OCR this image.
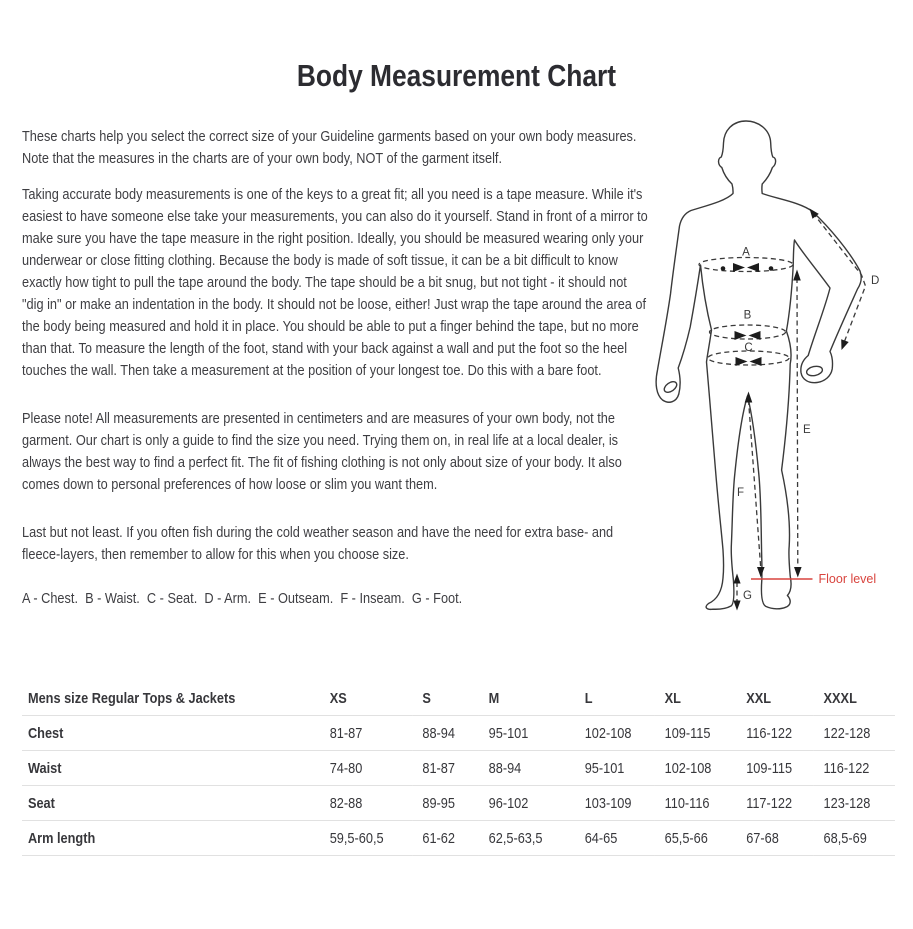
Body Measurement Chart

These charts help you select the correct size of your Guideline garments based on your own body measures. Note that the measures in the charts are of your own body, NOT of the garment itself.

Taking accurate body measurements is one of the keys to a great fit; all you need is a tape measure. While it's easiest to have someone else take your measurements, you can also do it yourself. Stand in front of a mirror to make sure you have the tape measure in the right position. Ideally, you should be measured wearing only your underwear or close fitting clothing. Because the body is made of soft tissue, it can be a bit difficult to know exactly how tight to pull the tape around the body. The tape should be a bit snug, but not tight - it should not "dig in" or make an indentation in the body. It should not be loose, either! Just wrap the tape around the area of the body being measured and hold it in place. You should be able to put a finger behind the tape, but no more than that. To measure the length of the foot, stand with your back against a wall and put the foot so the heel touches the wall. Then take a measurement at the position of your longest toe. Do this with a bare foot.

Please note! All measurements are presented in centimeters and are measures of your own body, not the garment. Our chart is only a guide to find the size you need. Trying them on, in real life at a local dealer, is always the best way to find a perfect fit. The fit of fishing clothing is not only about size of your body. It also comes down to personal preferences of how loose or slim you want them.

Last but not least. If you often fish during the cold weather season and have the need for extra base- and fleece-layers, then remember to allow for this when you choose size.

A - Chest.  B - Waist.  C - Seat.  D - Arm.  E - Outseam.  F - Inseam.  G - Foot.

Floor level
A
B
C
D
E
F
G
Mens size Regular Tops & Jackets	XS	S	M	L	XL	XXL	XXXL
Chest	81-87	88-94	95-101	102-108	109-115	116-122	122-128
Waist	74-80	81-87	88-94	95-101	102-108	109-115	116-122
Seat	82-88	89-95	96-102	103-109	110-116	117-122	123-128
Arm length	59,5-60,5	61-62	62,5-63,5	64-65	65,5-66	67-68	68,5-69
